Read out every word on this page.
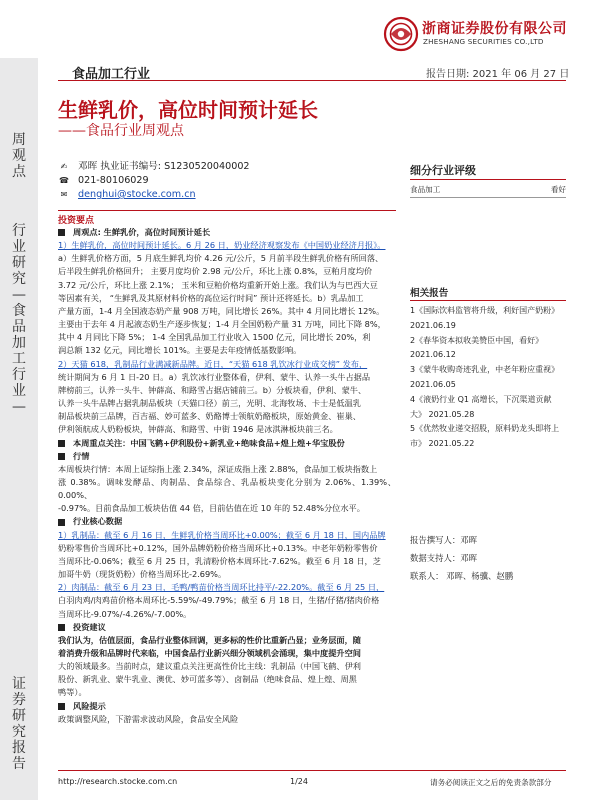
浙商证券股份有限公司
ZHESHANG SECURITIES CO.,LTD
周观点
行业研究—食品加工行业—
证券研究报告
食品加工行业	报告日期: 2021 年 06 月 27 日
生鲜乳价，高位时间预计延长
——食品行业周观点
✍ 邓晖 执业证书编号: S1230520040002
☎ 021-80106029
✉ denghui@stocke.com.cn
投资要点
周观点: 生鲜乳价，高位时间预计延长

1）生鲜乳价，高位时间预计延长。6 月 26 日，奶业经济观察发布《中国奶业经济月报》。
a）生鲜乳价格方面，5 月底生鲜乳均价 4.26 元/公斤，5 月前半段生鲜乳价格有所回落、
后半段生鲜乳价格回升； 主要月度均价 2.98 元/公斤，环比上涨 0.8%，豆粕月度均价
3.72 元/公斤，环比上涨 2.1%； 玉米和豆粕价格均重新开始上涨。我们认为与巴西大豆
等因素有关， “生鲜乳及其原材料价格的高位运行时间” 预计还将延长。b）乳品加工
产量方面，1-4 月全国液态奶产量 908 万吨，同比增长 26%。其中 4 月同比增长 12%。
主要由于去年 4 月起液态奶生产逐步恢复；1-4 月全国奶粉产量 31 万吨，同比下降 8%，
其中 4 月同比下降 5%； 1-4 全国乳品加工行业收入 1500 亿元，同比增长 20%，利
润总额 132 亿元，同比增长 101%。主要是去年疫情低基数影响。

2）天猫 618，乳制品行业满减新品牌。近日，“天猫 618 乳饮冰行业成交榜” 发布，
统计期间为 6 月 1 日-20 日。a）乳饮冰行业整体看，伊利、蒙牛、认养一头牛占据品
牌榜前三，认养一头牛、钟薛高、和路雪占据店铺前三。b）分板块看，伊利、蒙牛、
认养一头牛品牌占据乳制品板块（天猫口径）前三，光明、北海牧场、卡士是低温乳
制品板块前三品牌，百吉福、妙可蓝多、奶酪博士领航奶酪板块，原始黄金、崔巢、
伊利领航成人奶粉板块，钟薛高、和路雪、中街 1946 是冰淇淋板块前三名。

本周重点关注：中国飞鹤+伊利股份+新乳业+绝味食品+煌上煌+华宝股份
行情

本周板块行情：本周上证综指上涨 2.34%，深证成指上涨 2.88%，食品加工板块指数上
涨 0.38%。调味发酵品、肉制品、食品综合、乳品板块变化分别为 2.06%、1.39%、0.00%、
-0.97%。目前食品加工板块估值 44 倍，目前估值在近 10 年的 52.48%分位水平。

行业核心数据

1）乳制品：截至 6 月 16 日，生鲜乳价格当周环比+0.00%；截至 6 月 18 日，国内品牌
奶粉零售价当周环比+0.12%，国外品牌奶粉价格当周环比+0.13%。中老年奶粉零售价
当周环比-0.06%；截至 6 月 25 日，乳清粉价格本周环比-7.62%。截至 6 月 18 日，芝
加哥牛奶（现货奶粉）价格当周环比-2.69%。
2）肉制品：截至 6 月 23 日，毛鸭/鸭苗价格当周环比持平/-22.20%。截至 6 月 25 日，
白羽肉鸡/肉鸡苗价格本周环比-5.59%/-49.79%；截至 6 月 18 日，生猪/仔猪/猪肉价格
当周环比-9.07%/-4.26%/-7.00%。

投资建议

我们认为，估值层面，食品行业整体回调，更多标的性价比重新凸显；业务层面，随
着消费升级和品牌时代来临，中国食品行业新兴细分领域机会涌现，集中度提升空间
大的领域最多。当前时点，建议重点关注更高性价比主线：乳制品（中国飞鹤、伊利
股份、新乳业、蒙牛乳业、澳优、妙可蓝多等）、卤制品（绝味食品、煌上煌、周黑
鸭等）。

风险提示

政策调整风险，下游需求波动风险，食品安全风险

细分行业评级
食品加工	看好
相关报告
1《国际饮料监管将升级，利好国产奶粉》 2021.06.19
2《春华资本拟收美赞臣中国，看好》 2021.06.12
3《蒙牛收购奇迹乳业，中老年粉应重视》 2021.06.05
4《液奶行业 Q1 高增长，下沉渠道贡献大》 2021.05.28
5《优然牧业递交招股，原料奶龙头即将上市》 2021.05.22
报告撰写人：邓晖
数据支持人：邓晖
联系人： 邓晖、杨骥、赵鹏
http://research.stocke.com.cn	1/24	请务必阅读正文之后的免责条款部分
